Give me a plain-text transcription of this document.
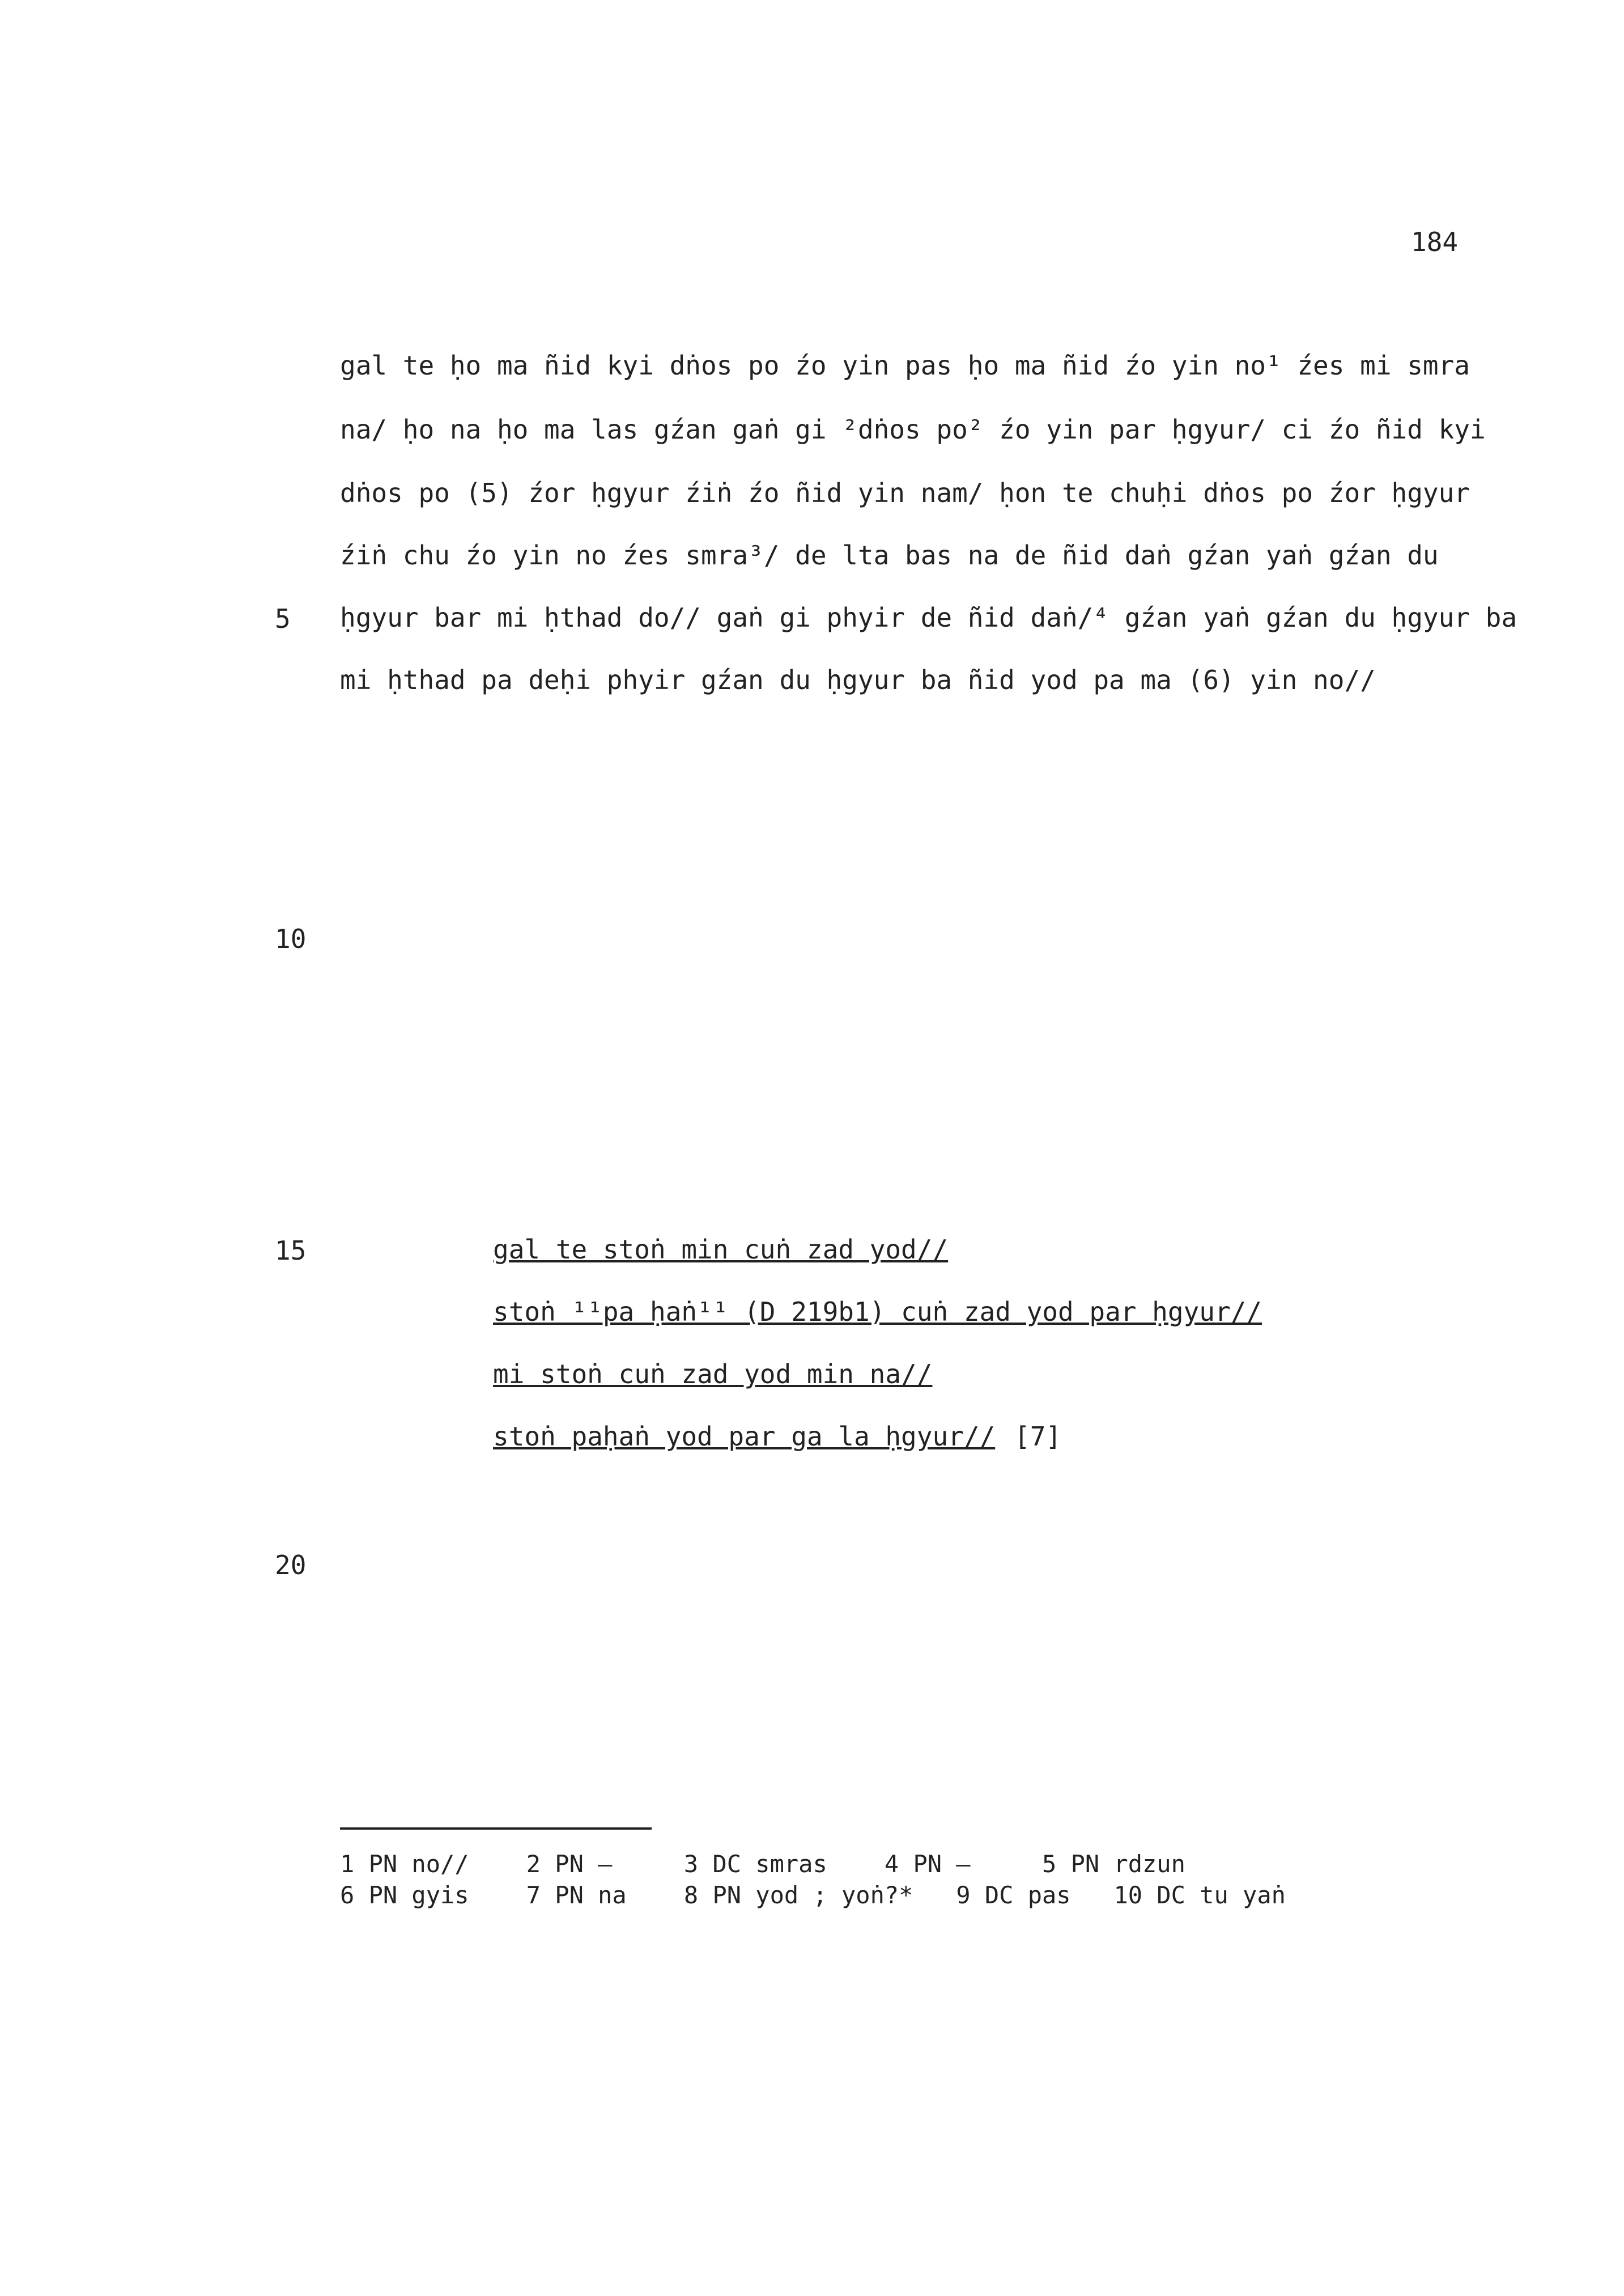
184
gal te ḥo ma ñid kyi dṅos po źo yin pas ḥo ma ñid źo yin no¹ źes mi smra
na/ ḥo na ḥo ma las gźan gaṅ gi ²dṅos po² źo yin par ḥgyur/ ci źo ñid kyi
dṅos po (5) źor ḥgyur źiṅ źo ñid yin nam/ ḥon te chuḥi dṅos po źor ḥgyur
źiṅ chu źo yin no źes smra³/ de lta bas na de ñid daṅ gźan yaṅ gźan du
5 ḥgyur bar mi ḥthad do// gaṅ gi phyir de ñid daṅ/⁴ gźan yaṅ gźan du ḥgyur ba
mi ḥthad pa deḥi phyir gźan du ḥgyur ba ñid yod pa ma (6) yin no//
10
15	gal te stoṅ min cuṅ zad yod//
stoṅ ¹¹pa ḥaṅ¹¹ (D 219b1) cuṅ zad yod par ḥgyur//
mi stoṅ cuṅ zad yod min na//
stoṅ paḥaṅ yod par ga la ḥgyur// [7]
20
1 PN no//    2 PN —     3 DC smras    4 PN —     5 PN rdzun
6 PN gyis    7 PN na    8 PN yod ; yoṅ?*   9 DC pas   10 DC tu yaṅ
